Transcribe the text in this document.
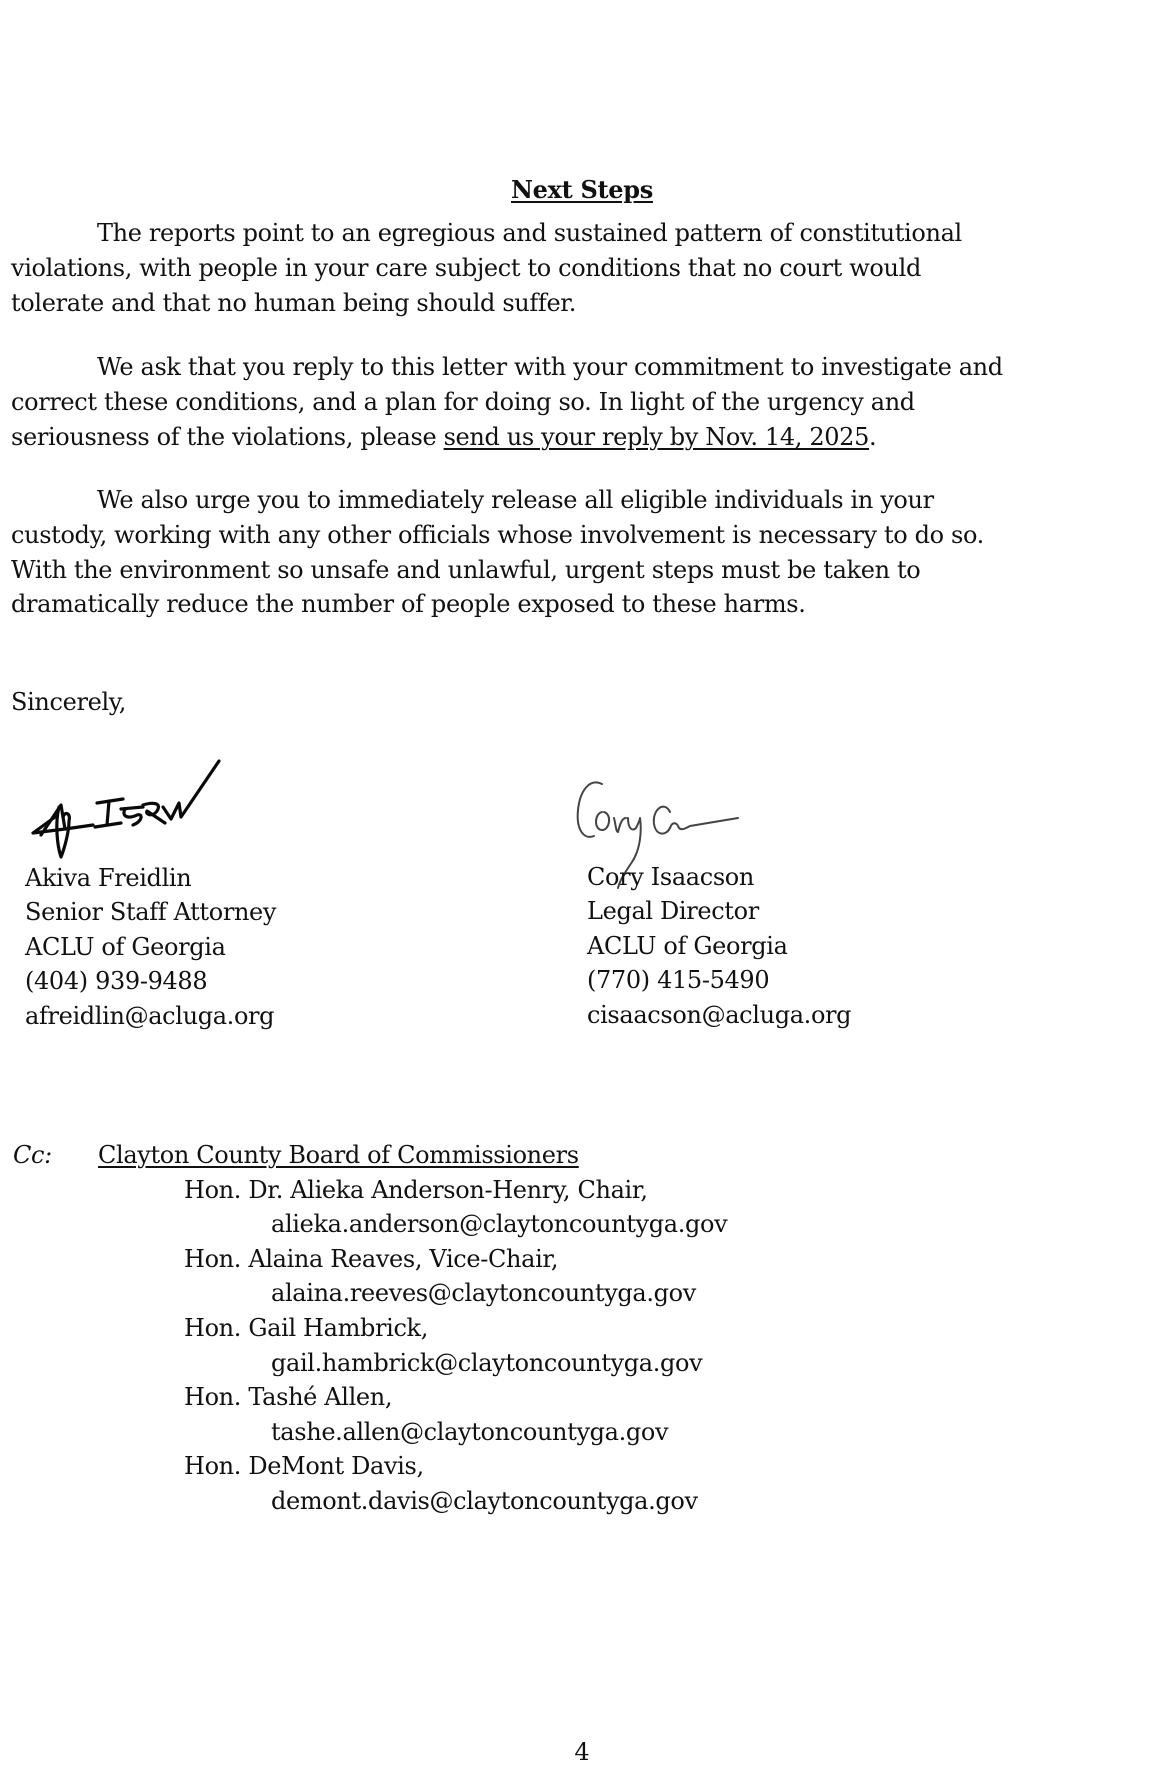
Next Steps
The reports point to an egregious and sustained pattern of constitutional
violations, with people in your care subject to conditions that no court would
tolerate and that no human being should suffer.
We ask that you reply to this letter with your commitment to investigate and
correct these conditions, and a plan for doing so. In light of the urgency and
seriousness of the violations, please send us your reply by Nov. 14, 2025.
We also urge you to immediately release all eligible individuals in your
custody, working with any other officials whose involvement is necessary to do so.
With the environment so unsafe and unlawful, urgent steps must be taken to
dramatically reduce the number of people exposed to these harms.
Sincerely,
Akiva Freidlin
Senior Staff Attorney
ACLU of Georgia
(404) 939-9488
afreidlin@acluga.org
Cory Isaacson
Legal Director
ACLU of Georgia
(770) 415-5490
cisaacson@acluga.org
Cc: Clayton County Board of Commissioners
Hon. Dr. Alieka Anderson-Henry, Chair,
alieka.anderson@claytoncountyga.gov
Hon. Alaina Reaves, Vice-Chair,
alaina.reeves@claytoncountyga.gov
Hon. Gail Hambrick,
gail.hambrick@claytoncountyga.gov
Hon. Tashé Allen,
tashe.allen@claytoncountyga.gov
Hon. DeMont Davis,
demont.davis@claytoncountyga.gov
4
